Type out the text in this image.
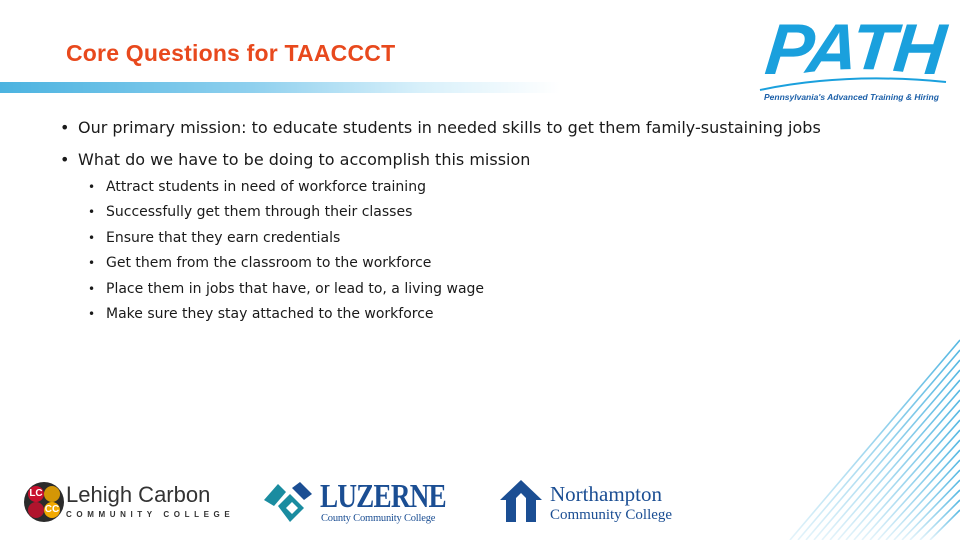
Core Questions for TAACCCT	PATH
Pennsylvania's Advanced Training & Hiring
• Our primary mission: to educate students in needed skills to get them family-sustaining jobs
• What do we have to be doing to accomplish this mission
• Attract students in need of workforce training
• Successfully get them through their classes
• Ensure that they earn credentials
• Get them from the classroom to the workforce
• Place them in jobs that have, or lead to, a living wage
• Make sure they stay attached to the workforce
LC
CC
Lehigh Carbon
COMMUNITY COLLEGE	LUZERNE
County Community College
Northampton
Community College
